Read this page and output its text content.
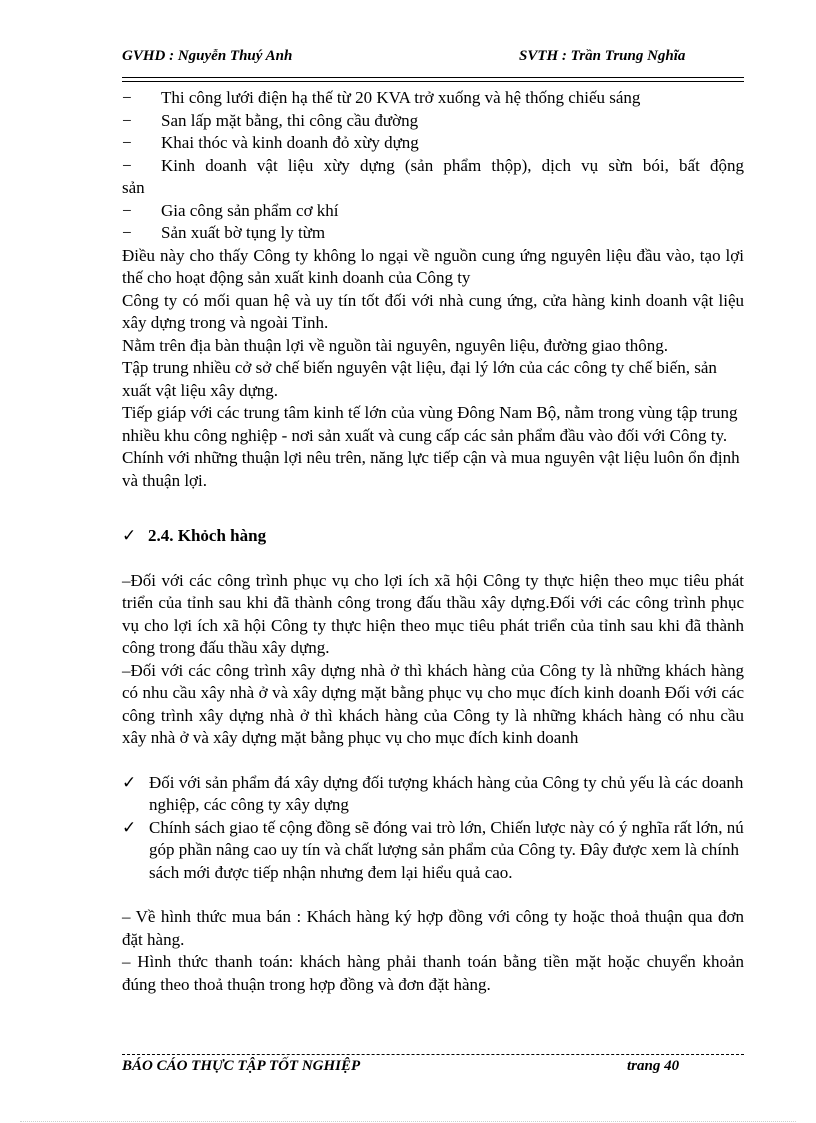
GVHD : Nguyễn Thuý Anh	SVTH : Trần Trung Nghĩa
−	Thi công lưới điện hạ thế từ 20 KVA trở xuống và hệ thống chiếu sáng
−	San lấp mặt bằng, thi công cầu đường
−	Khai thóc và kinh doanh đỏ xừy dựng
−	Kinh doanh vật liệu xừy dựng (sản phẩm thộp), dịch vụ sừn bói, bất động
sản
−	Gia công sản phẩm cơ khí
−	Sản xuất bờ tụng ly từm

Điều này cho thấy Công ty không lo ngại về nguồn cung ứng nguyên liệu đầu vào, tạo lợi thế cho hoạt động sản xuất kinh doanh của Công ty

Công ty có mối quan hệ và uy tín tốt đối với nhà cung ứng, cửa hàng kinh doanh vật liệu xây dựng trong và ngoài Tỉnh.

Nằm trên địa bàn thuận lợi về nguồn tài nguyên, nguyên liệu, đường giao thông.

Tập trung nhiều cở sở chế biến nguyên vật liệu, đại lý lớn của các công ty chế biến, sản xuất vật liệu xây dựng.

Tiếp giáp với các trung tâm kinh tế lớn của vùng Đông Nam Bộ, nằm trong vùng tập trung nhiều khu công nghiệp - nơi sản xuất và cung cấp các sản phẩm đầu vào đối với Công ty.

Chính với những thuận lợi nêu trên, năng lực tiếp cận và mua nguyên vật liệu luôn ổn định và thuận lợi.

✓ 2.4. Khỏch hàng

–Đối với các công trình phục vụ cho lợi ích xã hội Công ty thực hiện theo mục tiêu phát triển của tỉnh sau khi đã thành công trong đấu thầu xây dựng.Đối với các công trình phục vụ cho lợi ích xã hội Công ty thực hiện theo mục tiêu phát triển của tỉnh sau khi đã thành công trong đấu thầu xây dựng.

–Đối với các công trình xây dựng nhà ở thì khách hàng của Công ty là những khách hàng có nhu cầu xây nhà ở và xây dựng mặt bằng phục vụ cho mục đích kinh doanh Đối với các công trình xây dựng nhà ở thì khách hàng của Công ty là những khách hàng có nhu cầu xây nhà ở và xây dựng mặt bằng phục vụ cho mục đích kinh doanh

✓ Đối với sản phẩm đá xây dựng đối tượng khách hàng của Công ty chủ yếu là các doanh nghiệp, các công ty xây dựng
✓ Chính sách giao tế cộng đồng sẽ đóng vai trò lớn, Chiến lược này có ý nghĩa rất lớn, nú góp phần nâng cao uy tín và chất lượng sản phẩm của Công ty. Đây được xem là chính sách mới được tiếp nhận nhưng đem lại hiểu quả cao.

– Về hình thức mua bán : Khách hàng ký hợp đồng với công ty hoặc thoả thuận qua đơn đặt hàng.

– Hình thức thanh toán: khách hàng phải thanh toán bằng tiền mặt hoặc chuyển khoản đúng theo thoả thuận trong hợp đồng và đơn đặt hàng.

BÁO CÁO THỰC TẬP TỐT NGHIỆP	trang 40
